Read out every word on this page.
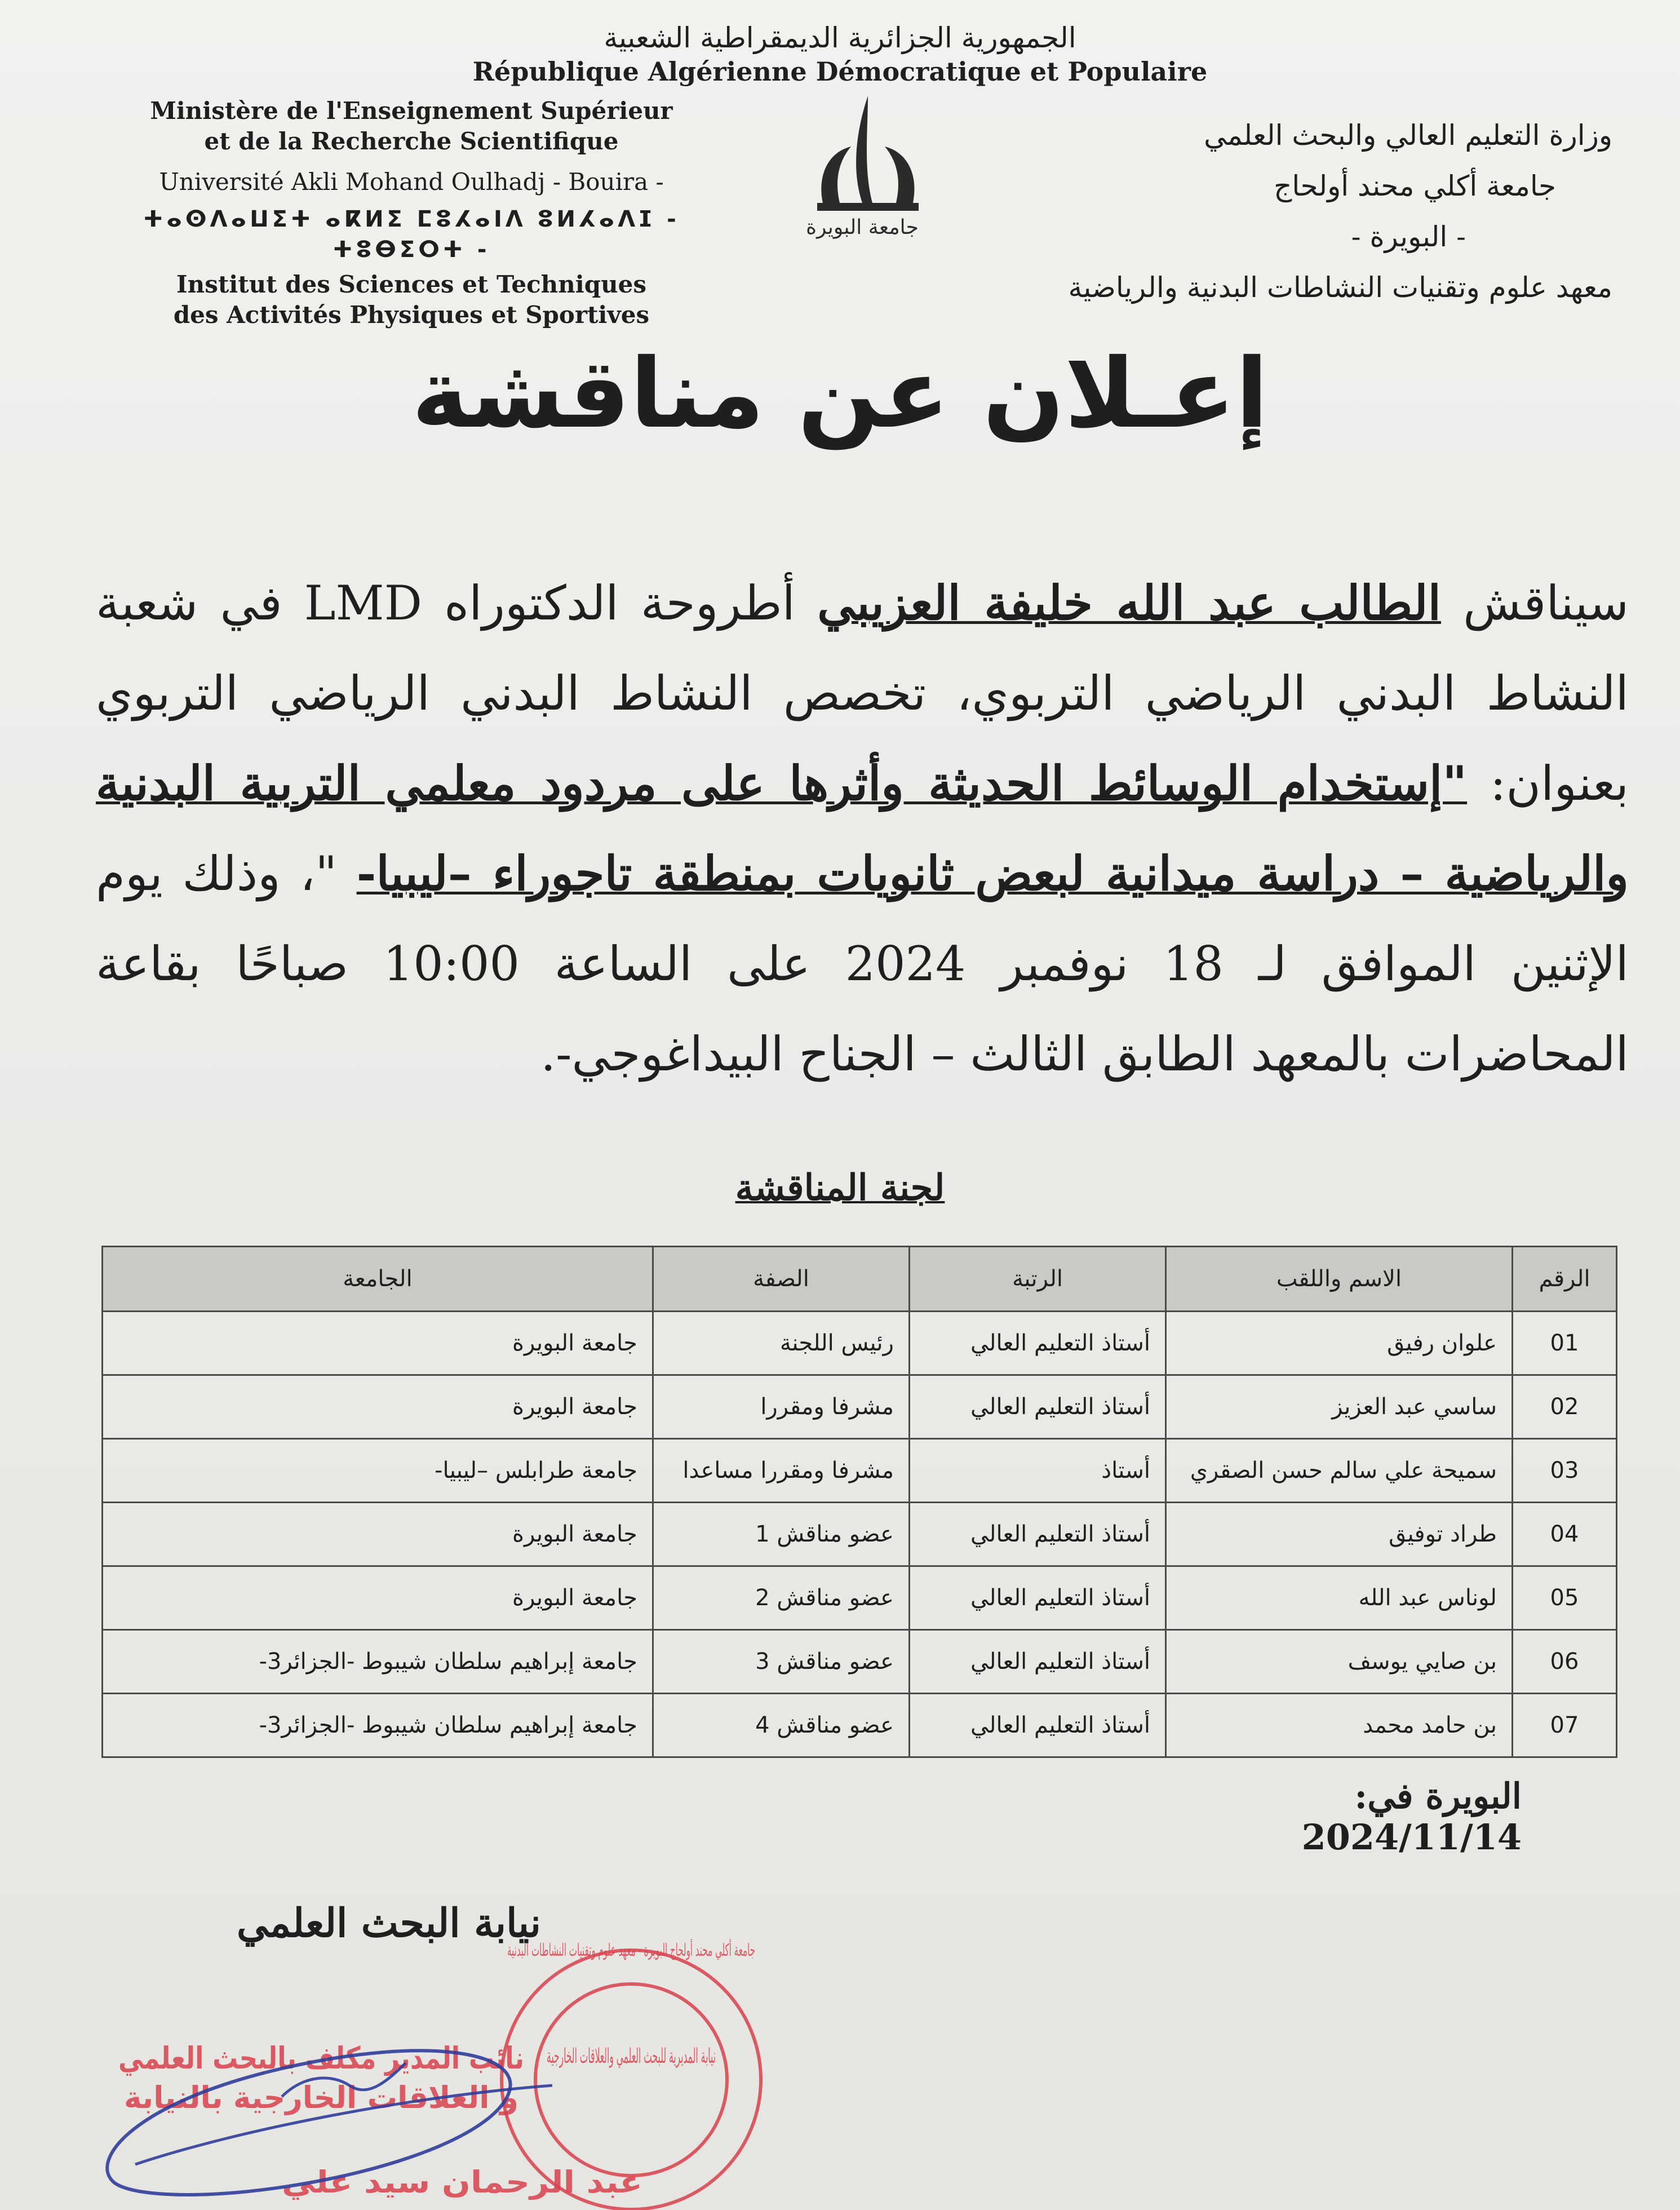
الجمهورية الجزائرية الديمقراطية الشعبية
République Algérienne Démocratique et Populaire
Ministère de l'Enseignement Supérieur
et de la Recherche Scientifique
Université Akli Mohand Oulhadj - Bouira -
ⵜⴰⵙⴷⴰⵡⵉⵜ ⴰⴽⵍⵉ ⵎⵓⵃⴰⵏⴷ ⵓⵍⵃⴰⴷⵊ - ⵜⵓⴱⵉⵔⵜ -
Institut des Sciences et Techniques
des Activités Physiques et Sportives
جامعة البويرة
وزارة التعليم العالي والبحث العلمي
جامعة أكلي محند أولحاج
- البويرة -
معهد علوم وتقنيات النشاطات البدنية والرياضية
إعـلان عن مناقشة
سيناقش الطالب عبد الله خليفة العزيبي أطروحة الدكتوراه LMD في شعبة النشاط البدني الرياضي التربوي، تخصص النشاط البدني الرياضي التربوي بعنوان: "إستخدام الوسائط الحديثة وأثرها على مردود معلمي التربية البدنية والرياضية – دراسة ميدانية لبعض ثانويات بمنطقة تاجوراء –ليبيا- "، وذلك يوم الإثنين الموافق لـ 18 نوفمبر 2024 على الساعة 10:00 صباحًا بقاعة المحاضرات بالمعهد الطابق الثالث – الجناح البيداغوجي-.
لجنة المناقشة
الرقم	الاسم واللقب	الرتبة	الصفة	الجامعة
01	علوان رفيق	أستاذ التعليم العالي	رئيس اللجنة	جامعة البويرة
02	ساسي عبد العزيز	أستاذ التعليم العالي	مشرفا ومقررا	جامعة البويرة
03	سميحة علي سالم حسن الصقري	أستاذ	مشرفا ومقررا مساعدا	جامعة طرابلس –ليبيا-
04	طراد توفيق	أستاذ التعليم العالي	عضو مناقش 1	جامعة البويرة
05	لوناس عبد الله	أستاذ التعليم العالي	عضو مناقش 2	جامعة البويرة
06	بن صايي يوسف	أستاذ التعليم العالي	عضو مناقش 3	جامعة إبراهيم سلطان شيبوط -الجزائر3-
07	بن حامد محمد	أستاذ التعليم العالي	عضو مناقش 4	جامعة إبراهيم سلطان شيبوط -الجزائر3-
البويرة في: 2024/11/14
نيابة البحث العلمي
نيابة المديرية للبحث العلمي والعلاقات الخارجية
جامعة أكلي محند أولحاج البويرة - معهد علوم وتقنيات النشاطات البدنية
نائب المدير مكلف بالبحث العلمي
و العلاقات الخارجية بالنيابة
عبد الرحمان سيد علي
